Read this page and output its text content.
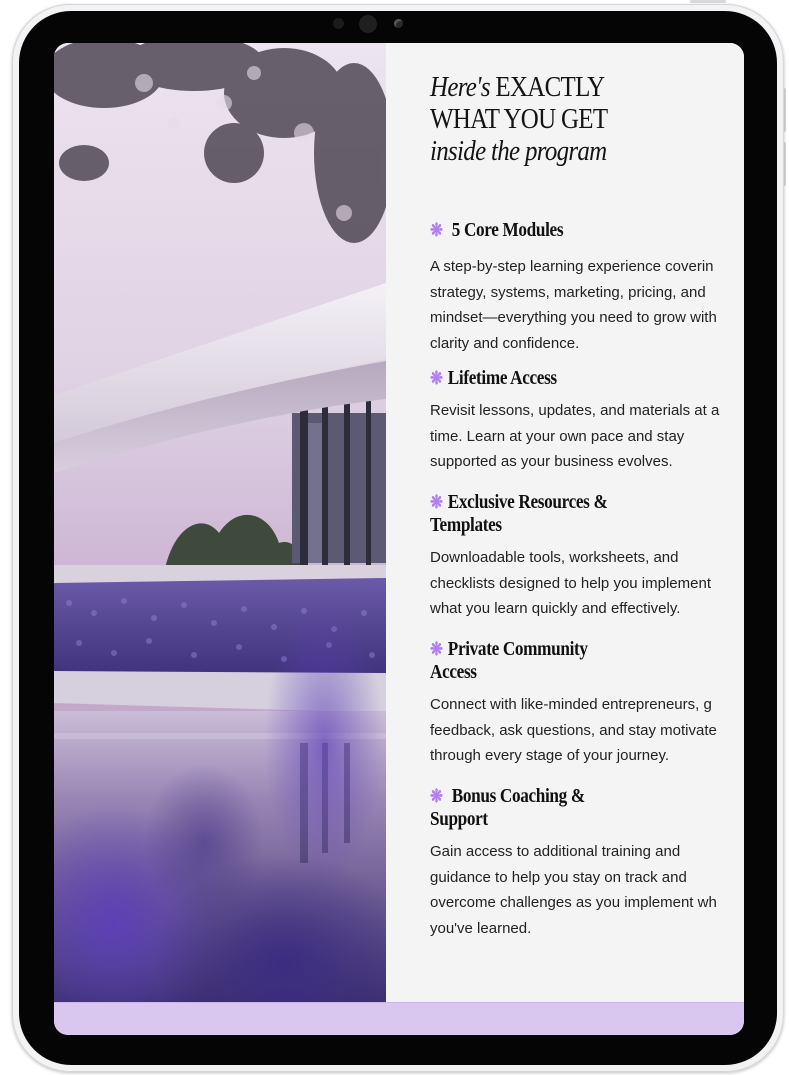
Here's EXACTLY
WHAT YOU GET
inside the program
❋ 5 Core Modules
A step-by-step learning experience coverin
strategy, systems, marketing, pricing, and
mindset—everything you need to grow with
clarity and confidence.
❋ Lifetime Access
Revisit lessons, updates, and materials at a
time. Learn at your own pace and stay
supported as your business evolves.
❋ Exclusive Resources &
Templates
Downloadable tools, worksheets, and
checklists designed to help you implement
what you learn quickly and effectively.
❋ Private Community
Access
Connect with like-minded entrepreneurs, g
feedback, ask questions, and stay motivate
through every stage of your journey.
❋ Bonus Coaching &
Support
Gain access to additional training and
guidance to help you stay on track and
overcome challenges as you implement wh
you've learned.
